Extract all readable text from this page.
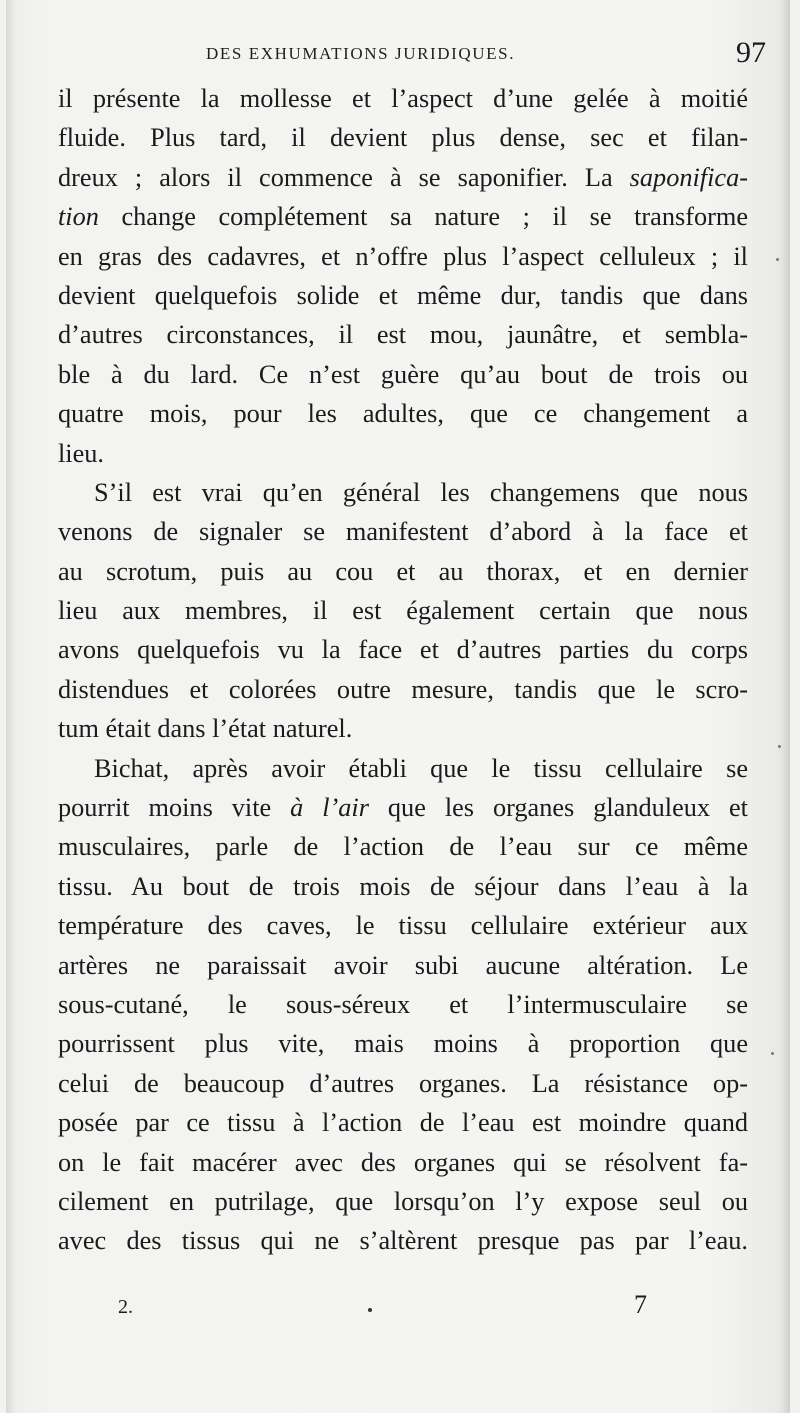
DES EXHUMATIONS JURIDIQUES.	97
il présente la mollesse et l’aspect d’une gelée à moitié
fluide. Plus tard, il devient plus dense, sec et filan-
dreux ; alors il commence à se saponifier. La saponifica-
tion change complétement sa nature ; il se transforme
en gras des cadavres, et n’offre plus l’aspect celluleux ; il
devient quelquefois solide et même dur, tandis que dans
d’autres circonstances, il est mou, jaunâtre, et sembla-
ble à du lard. Ce n’est guère qu’au bout de trois ou
quatre mois, pour les adultes, que ce changement a
lieu.
S’il est vrai qu’en général les changemens que nous
venons de signaler se manifestent d’abord à la face et
au scrotum, puis au cou et au thorax, et en dernier
lieu aux membres, il est également certain que nous
avons quelquefois vu la face et d’autres parties du corps
distendues et colorées outre mesure, tandis que le scro-
tum était dans l’état naturel.
Bichat, après avoir établi que le tissu cellulaire se
pourrit moins vite à l’air que les organes glanduleux et
musculaires, parle de l’action de l’eau sur ce même
tissu. Au bout de trois mois de séjour dans l’eau à la
température des caves, le tissu cellulaire extérieur aux
artères ne paraissait avoir subi aucune altération. Le
sous-cutané, le sous-séreux et l’intermusculaire se
pourrissent plus vite, mais moins à proportion que
celui de beaucoup d’autres organes. La résistance op-
posée par ce tissu à l’action de l’eau est moindre quand
on le fait macérer avec des organes qui se résolvent fa-
cilement en putrilage, que lorsqu’on l’y expose seul ou
avec des tissus qui ne s’altèrent presque pas par l’eau.
2.	7
